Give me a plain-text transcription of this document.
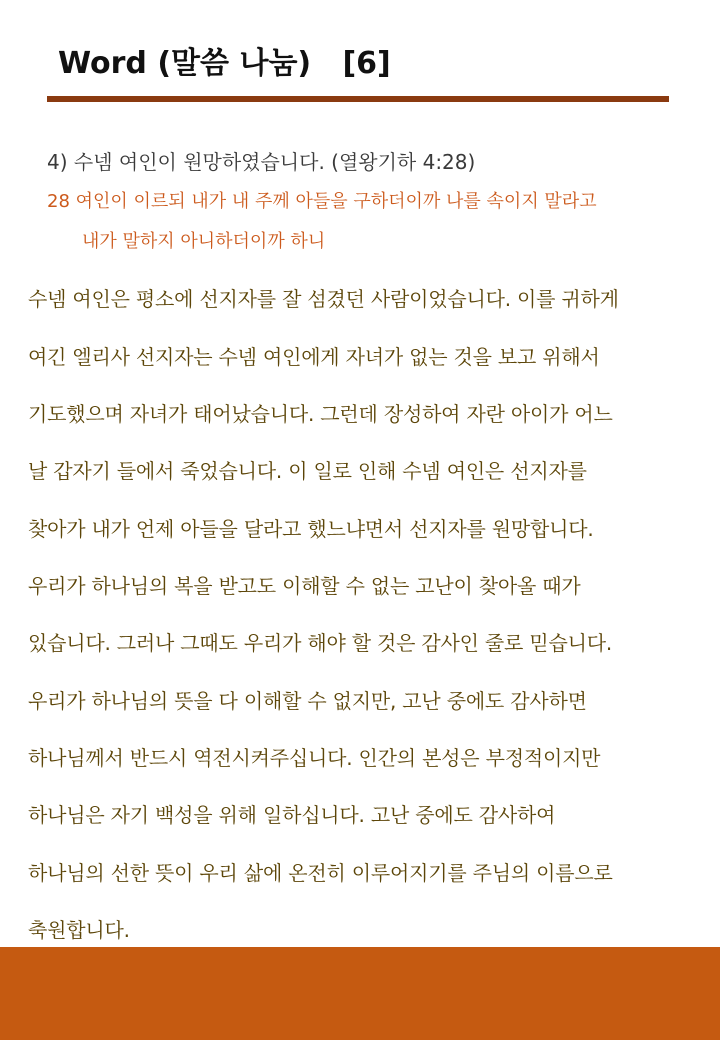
Word (말씀 나눔)   [6]
4) 수넴 여인이 원망하였습니다. (열왕기하 4:28)
28 여인이 이르되 내가 내 주께 아들을 구하더이까 나를 속이지 말라고
내가 말하지 아니하더이까 하니
수넴 여인은 평소에 선지자를 잘 섬겼던 사람이었습니다. 이를 귀하게
여긴 엘리사 선지자는 수넴 여인에게 자녀가 없는 것을 보고 위해서
기도했으며 자녀가 태어났습니다. 그런데 장성하여 자란 아이가 어느
날 갑자기 들에서 죽었습니다. 이 일로 인해 수넴 여인은 선지자를
찾아가 내가 언제 아들을 달라고 했느냐면서 선지자를 원망합니다.
우리가 하나님의 복을 받고도 이해할 수 없는 고난이 찾아올 때가
있습니다. 그러나 그때도 우리가 해야 할 것은 감사인 줄로 믿습니다.
우리가 하나님의 뜻을 다 이해할 수 없지만, 고난 중에도 감사하면
하나님께서 반드시 역전시켜주십니다. 인간의 본성은 부정적이지만
하나님은 자기 백성을 위해 일하십니다. 고난 중에도 감사하여
하나님의 선한 뜻이 우리 삶에 온전히 이루어지기를 주님의 이름으로
축원합니다.
